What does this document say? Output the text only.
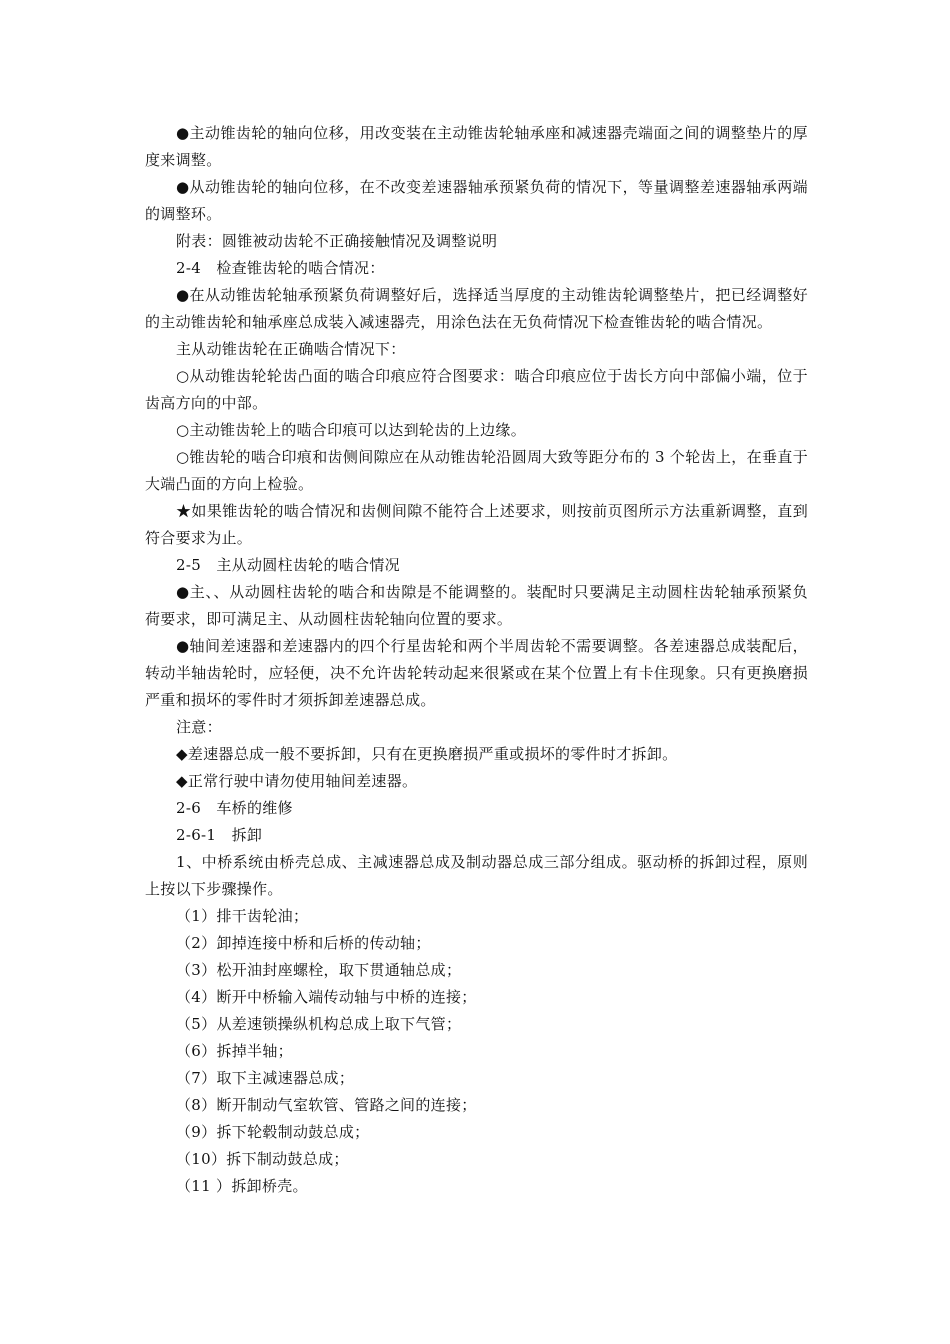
●主动锥齿轮的轴向位移，用改变装在主动锥齿轮轴承座和减速器壳端面之间的调整垫片的厚度来调整。

●从动锥齿轮的轴向位移，在不改变差速器轴承预紧负荷的情况下，等量调整差速器轴承两端的调整环。

附表：圆锥被动齿轮不正确接触情况及调整说明

2-4　检查锥齿轮的啮合情况：

●在从动锥齿轮轴承预紧负荷调整好后，选择适当厚度的主动锥齿轮调整垫片，把已经调整好的主动锥齿轮和轴承座总成装入减速器壳，用涂色法在无负荷情况下检查锥齿轮的啮合情况。

主从动锥齿轮在正确啮合情况下：

○从动锥齿轮轮齿凸面的啮合印痕应符合图要求：啮合印痕应位于齿长方向中部偏小端，位于齿高方向的中部。

○主动锥齿轮上的啮合印痕可以达到轮齿的上边缘。

○锥齿轮的啮合印痕和齿侧间隙应在从动锥齿轮沿圆周大致等距分布的 3 个轮齿上，在垂直于大端凸面的方向上检验。

★如果锥齿轮的啮合情况和齿侧间隙不能符合上述要求，则按前页图所示方法重新调整，直到符合要求为止。

2-5　主从动圆柱齿轮的啮合情况

●主、、从动圆柱齿轮的啮合和齿隙是不能调整的。装配时只要满足主动圆柱齿轮轴承预紧负荷要求，即可满足主、从动圆柱齿轮轴向位置的要求。

●轴间差速器和差速器内的四个行星齿轮和两个半周齿轮不需要调整。各差速器总成装配后，转动半轴齿轮时，应轻便，决不允许齿轮转动起来很紧或在某个位置上有卡住现象。只有更换磨损严重和损坏的零件时才须拆卸差速器总成。

注意：

◆差速器总成一般不要拆卸，只有在更换磨损严重或损坏的零件时才拆卸。

◆正常行驶中请勿使用轴间差速器。

2-6　车桥的维修

2-6-1　拆卸

1、中桥系统由桥壳总成、主减速器总成及制动器总成三部分组成。驱动桥的拆卸过程，原则上按以下步骤操作。

（1）排干齿轮油；

（2）卸掉连接中桥和后桥的传动轴；

（3）松开油封座螺栓，取下贯通轴总成；

（4）断开中桥输入端传动轴与中桥的连接；

（5）从差速锁操纵机构总成上取下气管；

（6）拆掉半轴；

（7）取下主减速器总成；

（8）断开制动气室软管、管路之间的连接；

（9）拆下轮毂制动鼓总成；

（10）拆下制动鼓总成；

（11 ）拆卸桥壳。
